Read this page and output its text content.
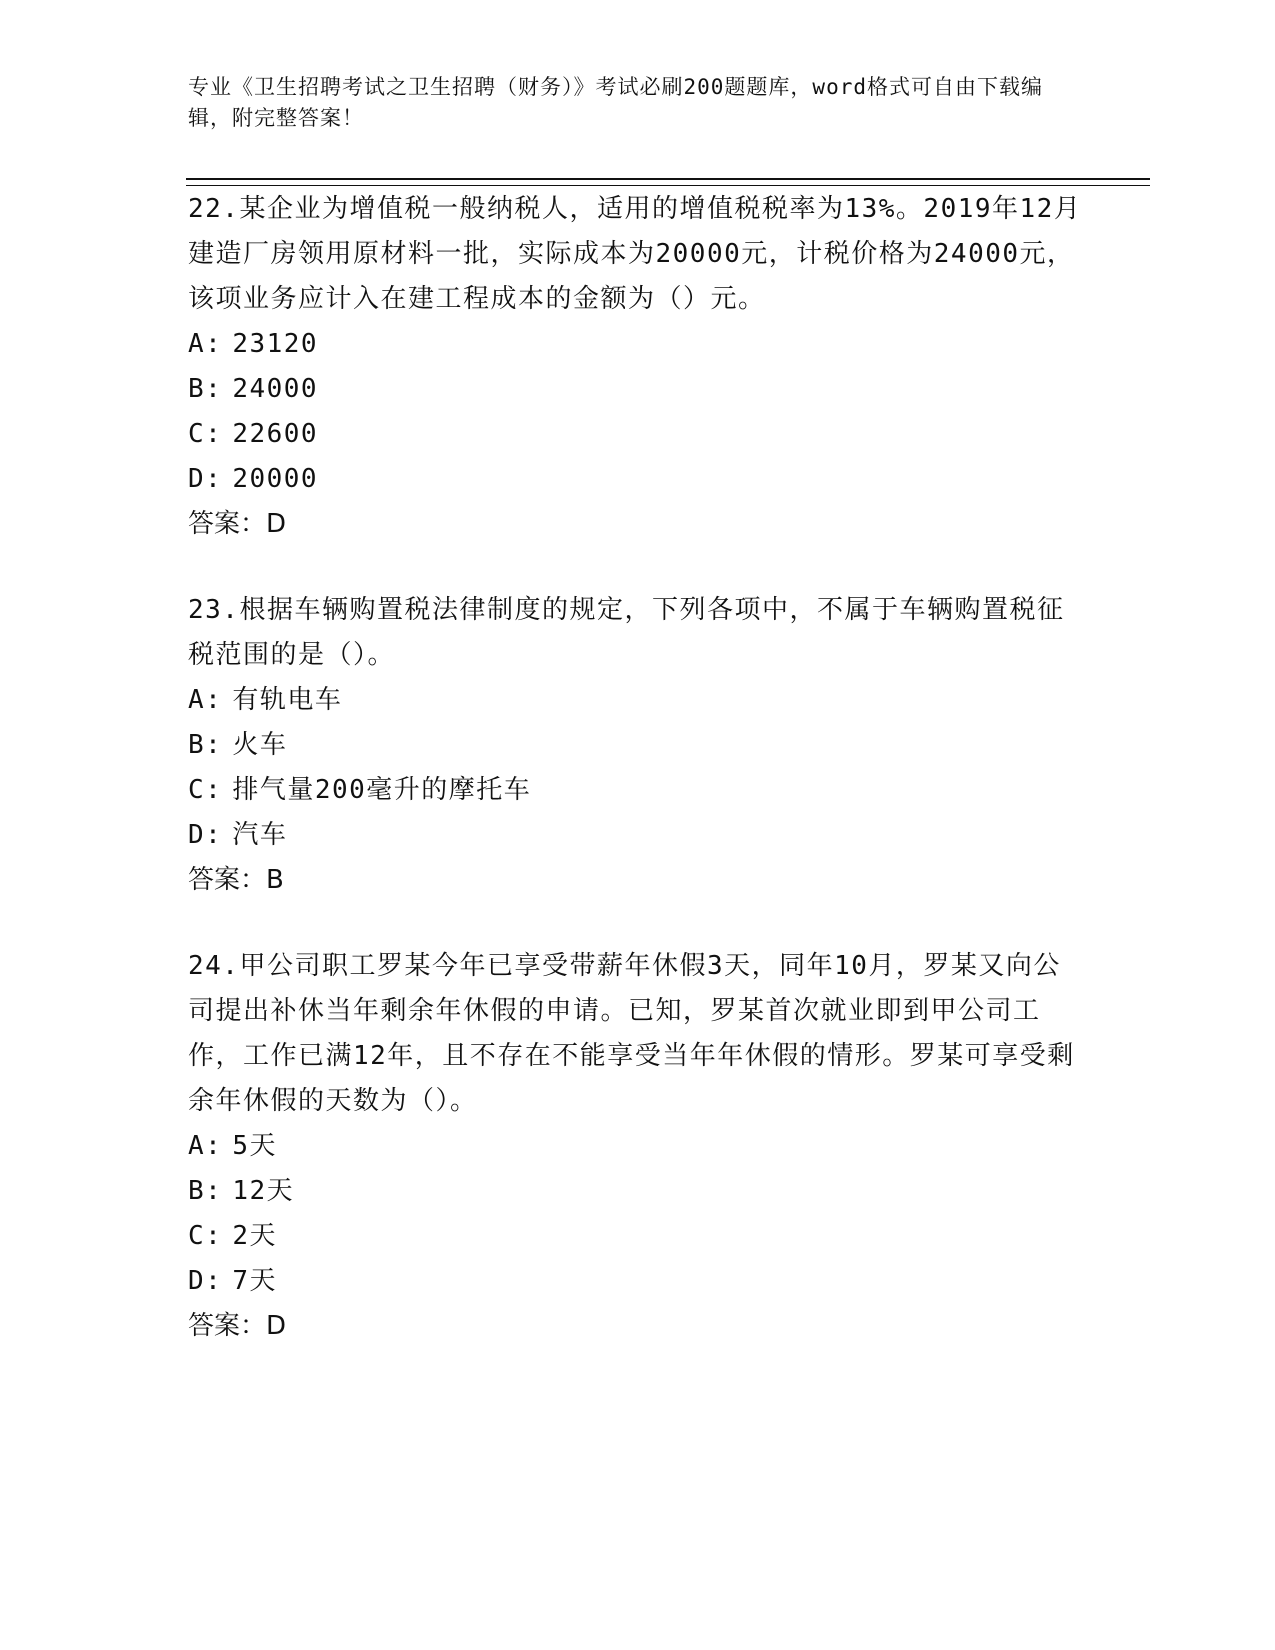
专业《卫生招聘考试之卫生招聘（财务）》考试必刷200题题库，word格式可自由下载编辑，附完整答案！
22.某企业为增值税一般纳税人，适用的增值税税率为13%。2019年12月建造厂房领用原材料一批，实际成本为20000元，计税价格为24000元，该项业务应计入在建工程成本的金额为（）元。
A: 23120
B: 24000
C: 22600
D: 20000
答案：D
23.根据车辆购置税法律制度的规定，下列各项中，不属于车辆购置税征税范围的是（）。
A: 有轨电车
B: 火车
C: 排气量200毫升的摩托车
D: 汽车
答案：B
24.甲公司职工罗某今年已享受带薪年休假3天，同年10月，罗某又向公司提出补休当年剩余年休假的申请。已知，罗某首次就业即到甲公司工作，工作已满12年，且不存在不能享受当年年休假的情形。罗某可享受剩余年休假的天数为（）。
A: 5天
B: 12天
C: 2天
D: 7天
答案：D
